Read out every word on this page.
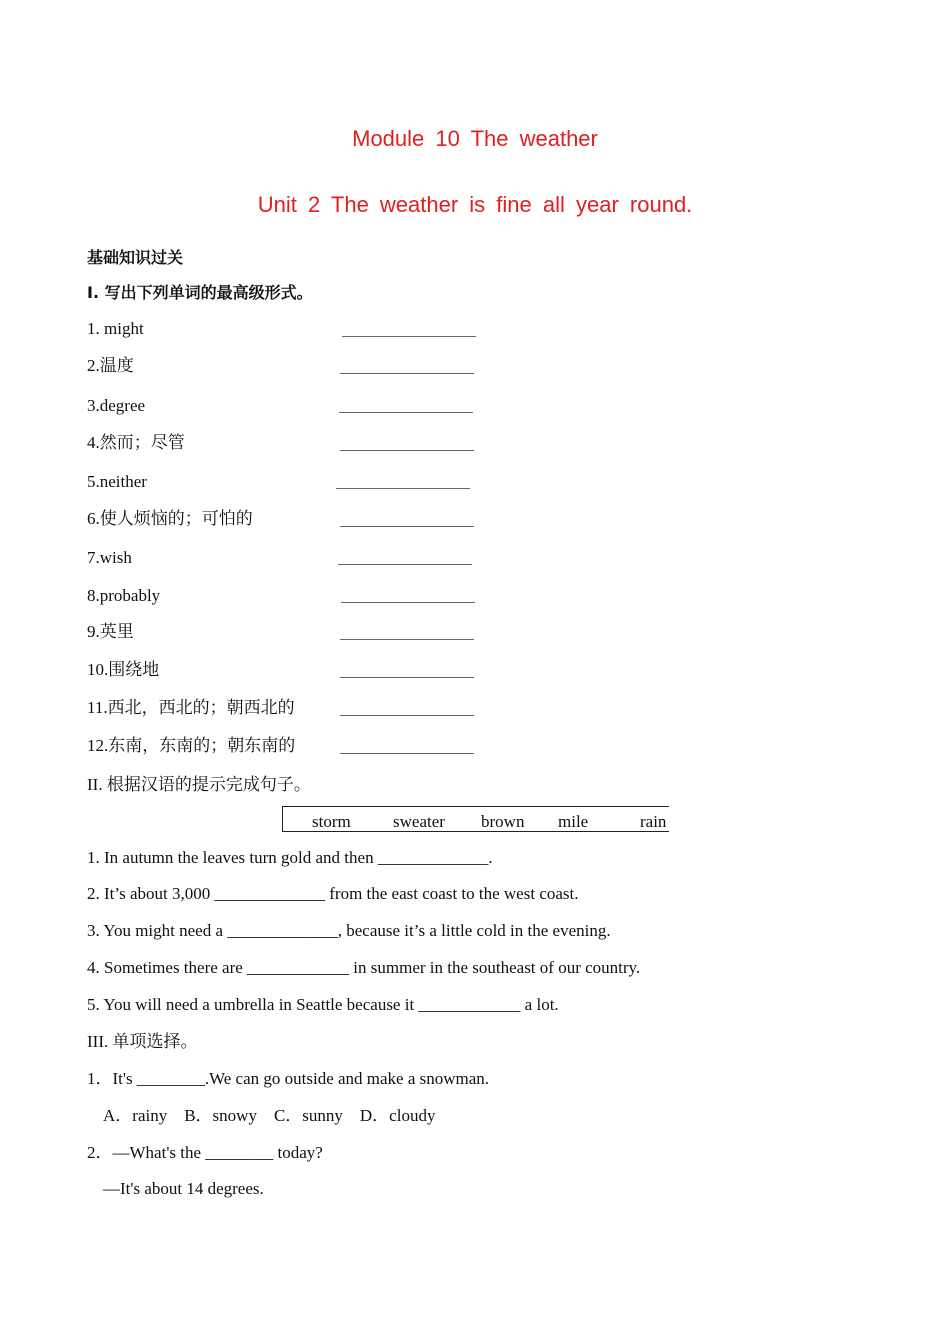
Module 10 The weather
Unit 2 The weather is fine all year round.
基础知识过关
I. 写出下列单词的最高级形式。
1. might
2.温度
3.degree
4.然而；尽管
5.neither
6.使人烦恼的；可怕的
7.wish
8.probably
9.英里
10.围绕地
11.西北，西北的；朝西北的
12.东南，东南的；朝东南的
II. 根据汉语的提示完成句子。
storm sweater brown mile	rain
1. In autumn the leaves turn gold and then _____________.
2. It’s about 3,000 _____________ from the east coast to the west coast.
3. You might need a _____________, because it’s a little cold in the evening.
4. Sometimes there are ____________ in summer in the southeast of our country.
5. You will need a umbrella in Seattle because it ____________ a lot.
III. 单项选择。
1．It's ________.We can go outside and make a snowman.
A．rainy    B．snowy    C．sunny    D．cloudy
2．—What's the ________ today?
—It's about 14 degrees.
